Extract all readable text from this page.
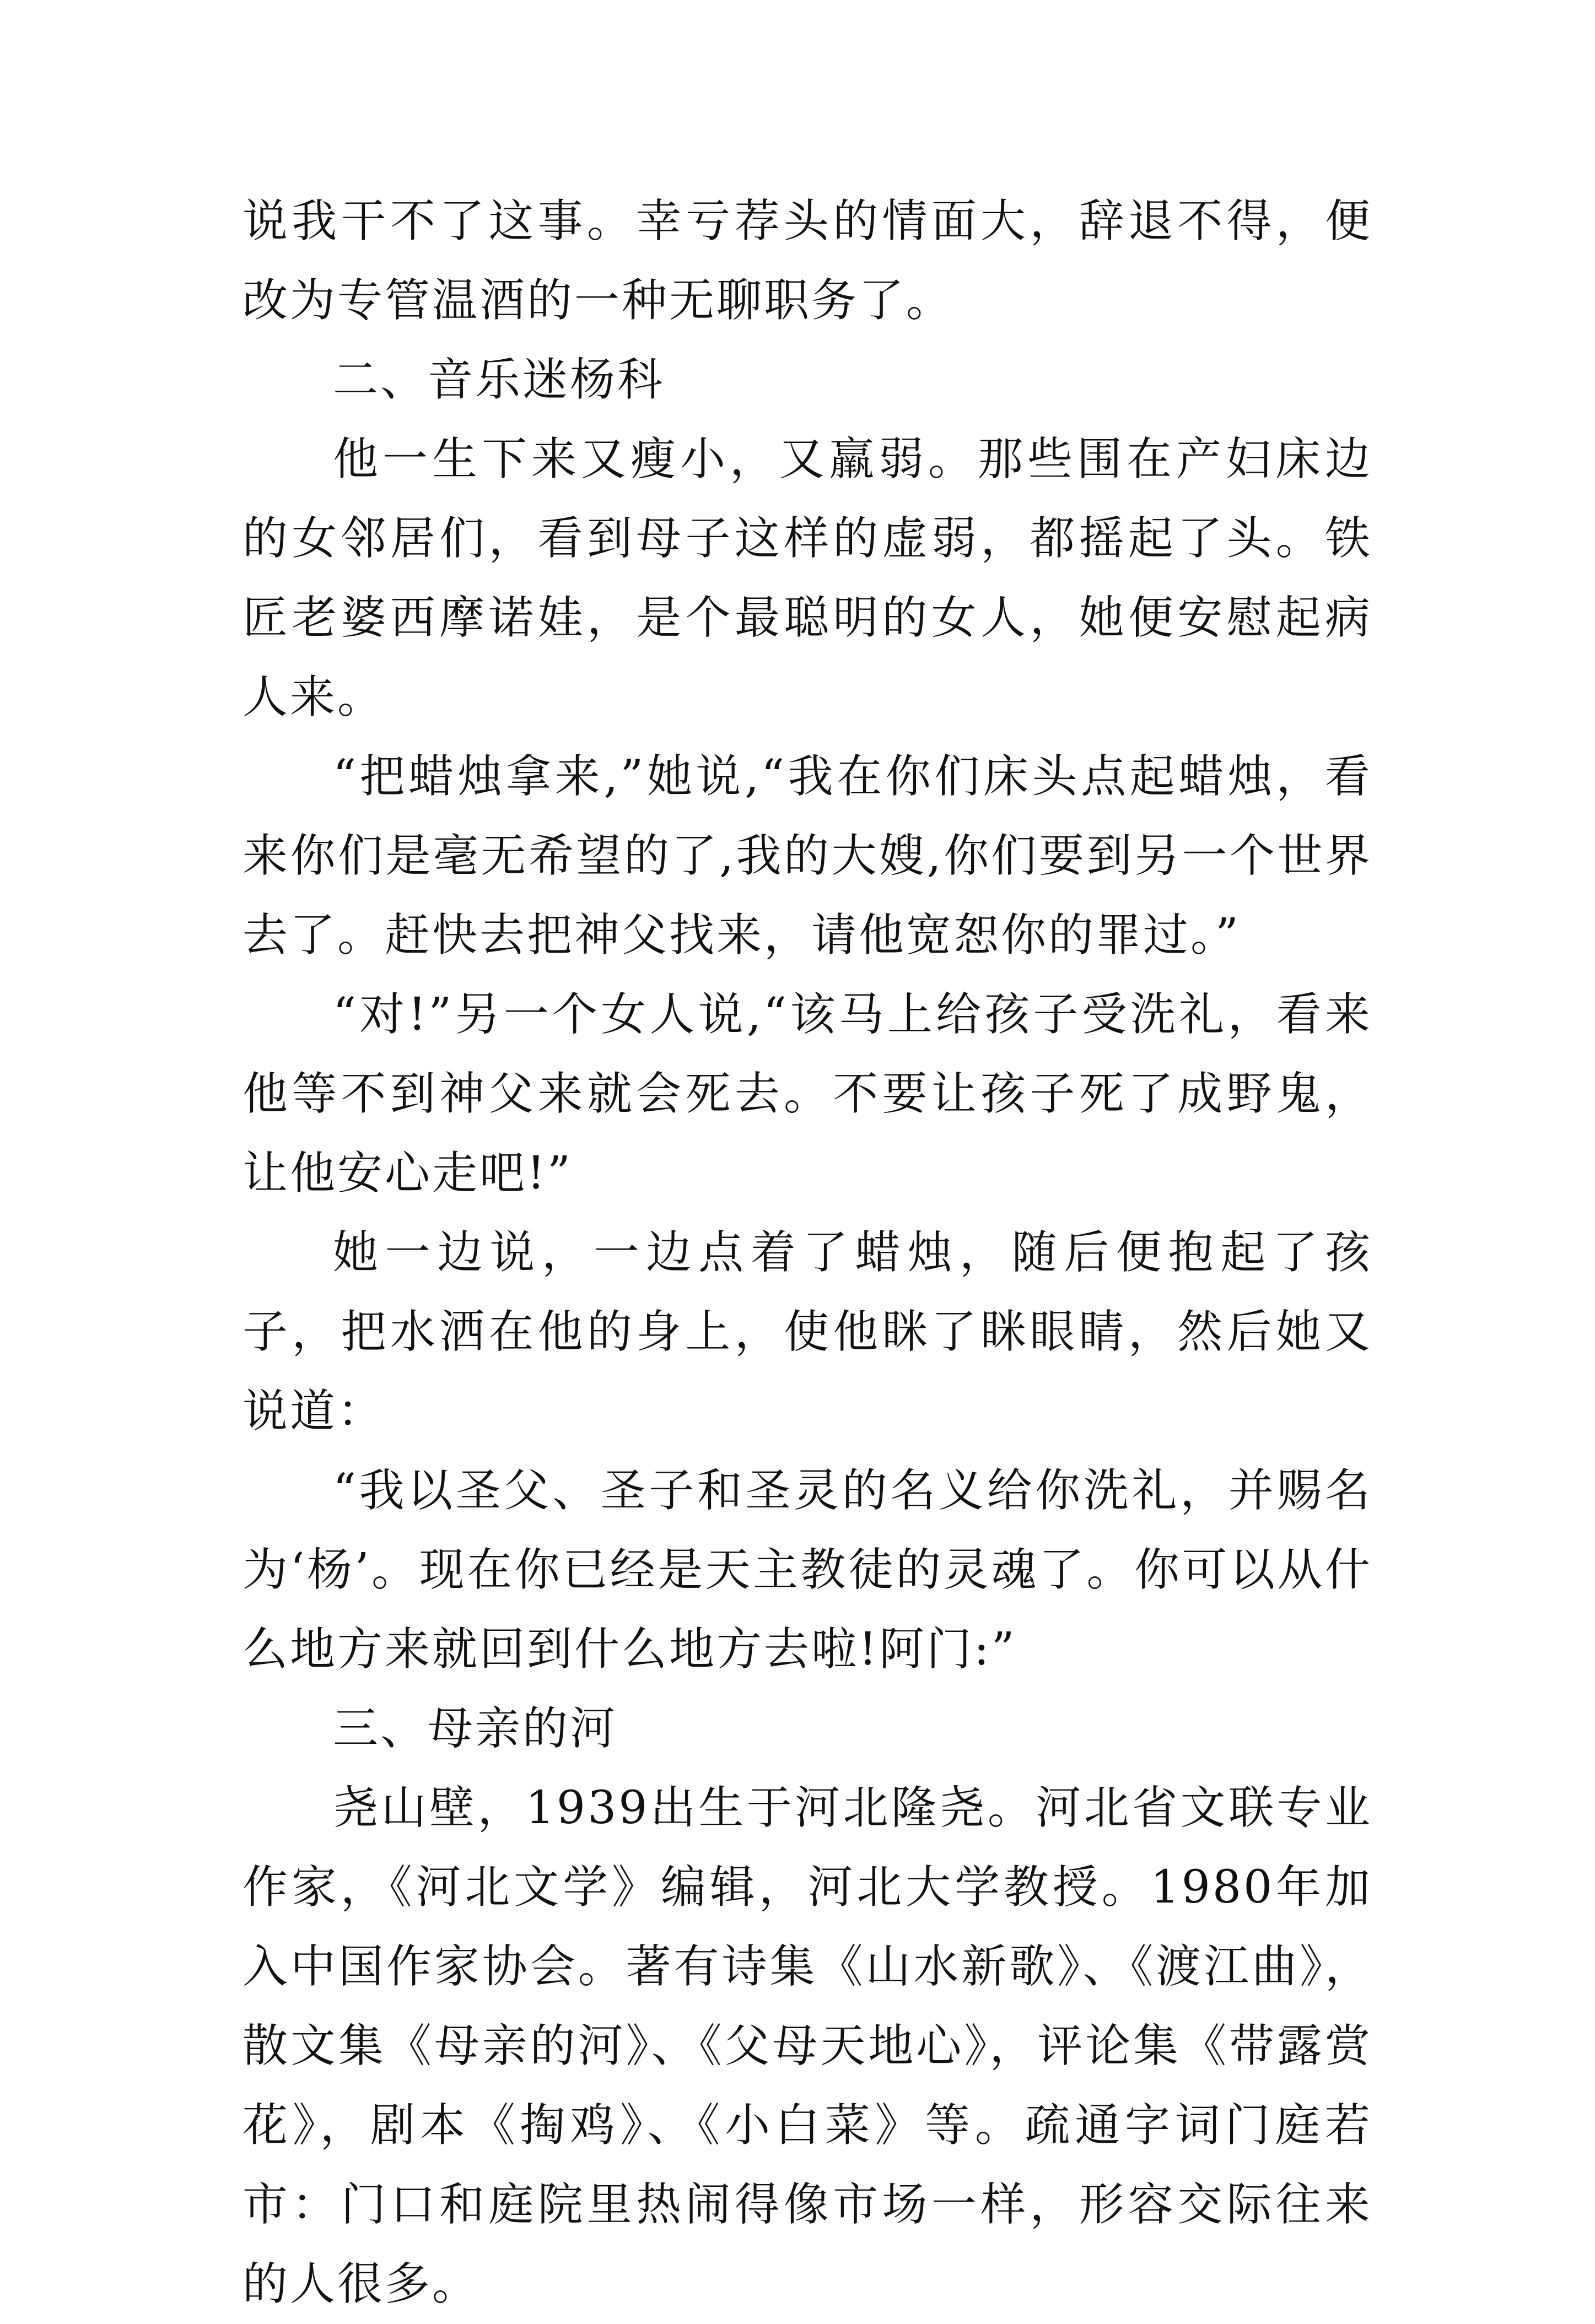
说我干不了这事。幸亏荐头的情面大，辞退不得，便改为专管温酒的一种无聊职务了。

二、音乐迷杨科

他一生下来又瘦小，又羸弱。那些围在产妇床边的女邻居们，看到母子这样的虚弱，都摇起了头。铁匠老婆西摩诺娃，是个最聪明的女人，她便安慰起病人来。

“把蜡烛拿来,”她说,“我在你们床头点起蜡烛，看来你们是毫无希望的了,我的大嫂,你们要到另一个世界去了。赶快去把神父找来，请他宽恕你的罪过。”

“对!”另一个女人说,“该马上给孩子受洗礼，看来他等不到神父来就会死去。不要让孩子死了成野鬼，让他安心走吧!”

她一边说，一边点着了蜡烛，随后便抱起了孩子，把水洒在他的身上，使他眯了眯眼睛，然后她又说道：

“我以圣父、圣子和圣灵的名义给你洗礼，并赐名为‘杨’。现在你已经是天主教徒的灵魂了。你可以从什么地方来就回到什么地方去啦!阿门:”

三、母亲的河

尧山壁，1939出生于河北隆尧。河北省文联专业作家，《河北文学》编辑，河北大学教授。1980年加入中国作家协会。著有诗集《山水新歌》、《渡江曲》，散文集《母亲的河》、《父母天地心》，评论集《带露赏花》，剧本《掏鸡》、《小白菜》等。疏通字词门庭若市：门口和庭院里热闹得像市场一样，形容交际往来的人很多。
